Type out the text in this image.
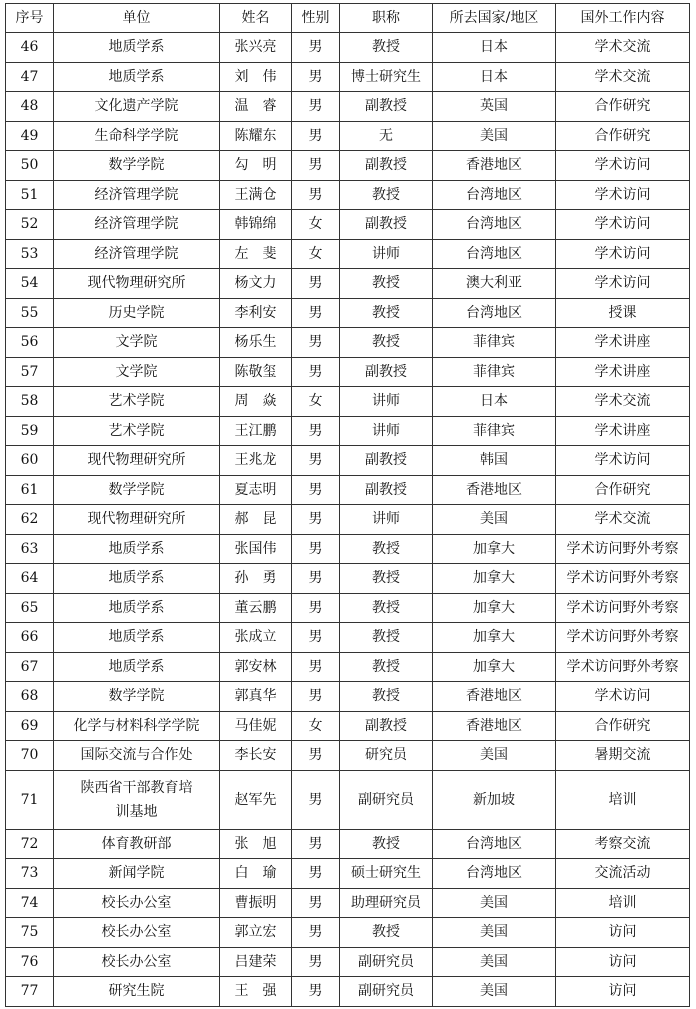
序号	单位	姓名	性别	职称	所去国家/地区	国外工作内容
46	地质学系	张兴亮	男	教授	日本	学术交流
47	地质学系	刘　伟	男	博士研究生	日本	学术交流
48	文化遗产学院	温　睿	男	副教授	英国	合作研究
49	生命科学学院	陈耀东	男	无	美国	合作研究
50	数学学院	勾　明	男	副教授	香港地区	学术访问
51	经济管理学院	王满仓	男	教授	台湾地区	学术访问
52	经济管理学院	韩锦绵	女	副教授	台湾地区	学术访问
53	经济管理学院	左　斐	女	讲师	台湾地区	学术访问
54	现代物理研究所	杨文力	男	教授	澳大利亚	学术访问
55	历史学院	李利安	男	教授	台湾地区	授课
56	文学院	杨乐生	男	教授	菲律宾	学术讲座
57	文学院	陈敬玺	男	副教授	菲律宾	学术讲座
58	艺术学院	周　焱	女	讲师	日本	学术交流
59	艺术学院	王江鹏	男	讲师	菲律宾	学术讲座
60	现代物理研究所	王兆龙	男	副教授	韩国	学术访问
61	数学学院	夏志明	男	副教授	香港地区	合作研究
62	现代物理研究所	郝　昆	男	讲师	美国	学术交流
63	地质学系	张国伟	男	教授	加拿大	学术访问野外考察
64	地质学系	孙　勇	男	教授	加拿大	学术访问野外考察
65	地质学系	董云鹏	男	教授	加拿大	学术访问野外考察
66	地质学系	张成立	男	教授	加拿大	学术访问野外考察
67	地质学系	郭安林	男	教授	加拿大	学术访问野外考察
68	数学学院	郭真华	男	教授	香港地区	学术访问
69	化学与材料科学学院	马佳妮	女	副教授	香港地区	合作研究
70	国际交流与合作处	李长安	男	研究员	美国	暑期交流
71	陕西省干部教育培训基地	赵军先	男	副研究员	新加坡	培训
72	体育教研部	张　旭	男	教授	台湾地区	考察交流
73	新闻学院	白　瑜	男	硕士研究生	台湾地区	交流活动
74	校长办公室	曹振明	男	助理研究员	美国	培训
75	校长办公室	郭立宏	男	教授	美国	访问
76	校长办公室	吕建荣	男	副研究员	美国	访问
77	研究生院	王　强	男	副研究员	美国	访问
